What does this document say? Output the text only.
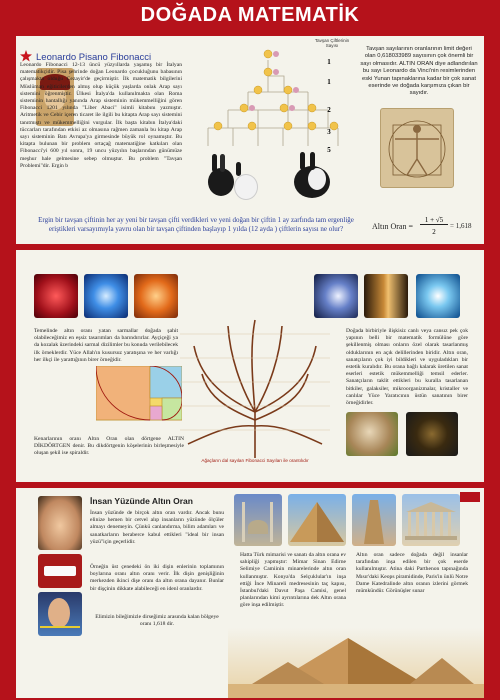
DOĞADA MATEMATİK
Leonardo Pisano Fibonacci
Leonardo Fibonacci 12-13 üncü yüzyıllarda yaşamış bir İtalyan matematikçidir. Pisa şehrinde doğan Leonardo çocukluğunu babasının çalışmakta olduğu Cezayir'de geçirmiştir. İlk matematik bilgilerini Müslüman eğiticilerden almış olup küçük yaşlarda onlak Arap sayı sistemini öğrenmiştir. Ülkesi İtalya'da kullanılmakta olan Roma sisteminin hantallığı yanında Arap sisteminin mükemmelliğini gören Fibonacci 1201 yılında "Liber Abaci" isimli kitabını yazmıştır. Aritmetik ve Cebir içeren ticaret ile ilgili bu kitapta Arap sayı sistemini tanıtmıştı ve mükemmelliğini vurgular. İlk başta kitabın İtalya'daki tüccarları tarafından etkisi az olmasına rağmen zamanla bu kitap Arap sayı sisteminin Batı Avrupa'ya girmesinde büyük rol oynamıştır. Bu kitapta bulunan bir problem ortaçağ matematiğine katkıları olan Fibonacci'yi 600 yıl sonra, 19 uncu yüzyılın başlarından günümüze meşhur hale gelmesine sebep olmuştur. Bu problem "Tavşan Problemi"dir. Ergin b
Tavşan Çiftlerinin Sayısı
1
1
2
3
5
Tavşan sayılarının oranlarının limit değeri olan 0,618033989 sayısının çok önemli bir sayı olmasıdır. ALTIN ORAN diye adlandırılan bu sayı Leonardo da Vinci'nin resimlerinden eski Yunan tapınaklarına kadar bir çok sanat eserinde ve doğada karşımıza çıkan bir sayıdır.
Ergin bir tavşan çiftinin her ay yeni bir tavşan çifti verdikleri ve yeni doğan bir çiftin 1 ay zarfında tam ergenliğe eriştikleri varsayımıyla yavru olan bir tavşan çiftinden başlayıp 1 yılda (12 ayda ) çiftlerin sayısı ne olur?	Altın Oran =
1 + √5
2
= 1,618
Temelinde altın oranı yatan sarmallar doğada şahit olabileceğimiz en eşsiz tasarımları da barındırırlar. Ayçiçeği ya da kozalak üzerindeki sarmal dizilimler bu konuda verilebilecek ilk örneklerdir. Yüce Allah'ın kusursuz yaratışına ve her varlığı her ilkçi ile yarattığının birer örneğidir.
Kenarlarının oranı Altın Oran olan dörtgene ALTIN DİKDÖRTGEN denir. Bu dikdörtgenin köşelerinin birleşmesiyle oluşan şekil ise spiraldir.
Ağaçların dal sayıları Fibonacci Sayıları ile orantılıdır
Doğada birbiriyle ilişkisiz canlı veya cansız pek çok yapının belli bir matematik formülüne göre şekillenmiş olması onların özel olarak tasarlanmış olduklarının en açık delillerinden biridir. Altın oran, sanatçıların çok iyi bildikleri ve uyguladıkları bir estetik kuralıdır. Bu orana bağlı kalarak üretilen sanat eserleri estetik mükemmelliği temsil ederler. Sanatçıların taklit ettikleri bu kuralla tasarlanan bitkiler, galaksiler, mikroorganizmalar, kristaller ve canlılar Yüce Yaratıcının üstün sanatının birer örneğidirler.
İnsan Yüzünde Altın Oran
İnsan yüzünde de birçok altın oran vardır. Ancak bunu elinize hemen bir cetvel alıp insanların yüzünde ölçüler almayı denemeyin. Çünkü canlandırma, bilim adamları ve sanatkarların beraberce kabul ettikleri "ideal bir insan yüzü"için geçerlidir.
Örneğin üst çenedeki ön iki dişin enlerinin toplamının boylarına oranı altın oranı verir. İlk dişin genişliğinin merkezden ikinci dişe oranı da altın orana dayanır. Bunlar bir dişçinin dikkate alabileceği en idenl oranlardır.
Elimizin bileğimizle dirseğimiz arasında kalan bölgeye oranı 1,618 dir.
Hatta Türk mimarisi ve sanatı da altın orana ev sahipliği yapmıştır: Mimar Sinan Edirne Selimiye Camiinin minarelerinde altın oran kullanmıştır. Konya'da Selçuklular'ın inşa ettiği İnce Minareli medresesinin taç kapısı, İstanbul'daki Davut Paşa Camisi, genel planlarından kimi ayrıntılarına dek Altın orana göre inşa edilmiştir.
Altın oran sadece doğada değil insanlar tarafından inşa edilen bir çok eserde kullanılmıştır. Atina daki Parthenon tapınağında Mısır'daki Keops piramidinde, Paris'in ünlü Notre Dame Katedralinde altın oranın izlerini görmek mümkündür. Görünüşler sunar
